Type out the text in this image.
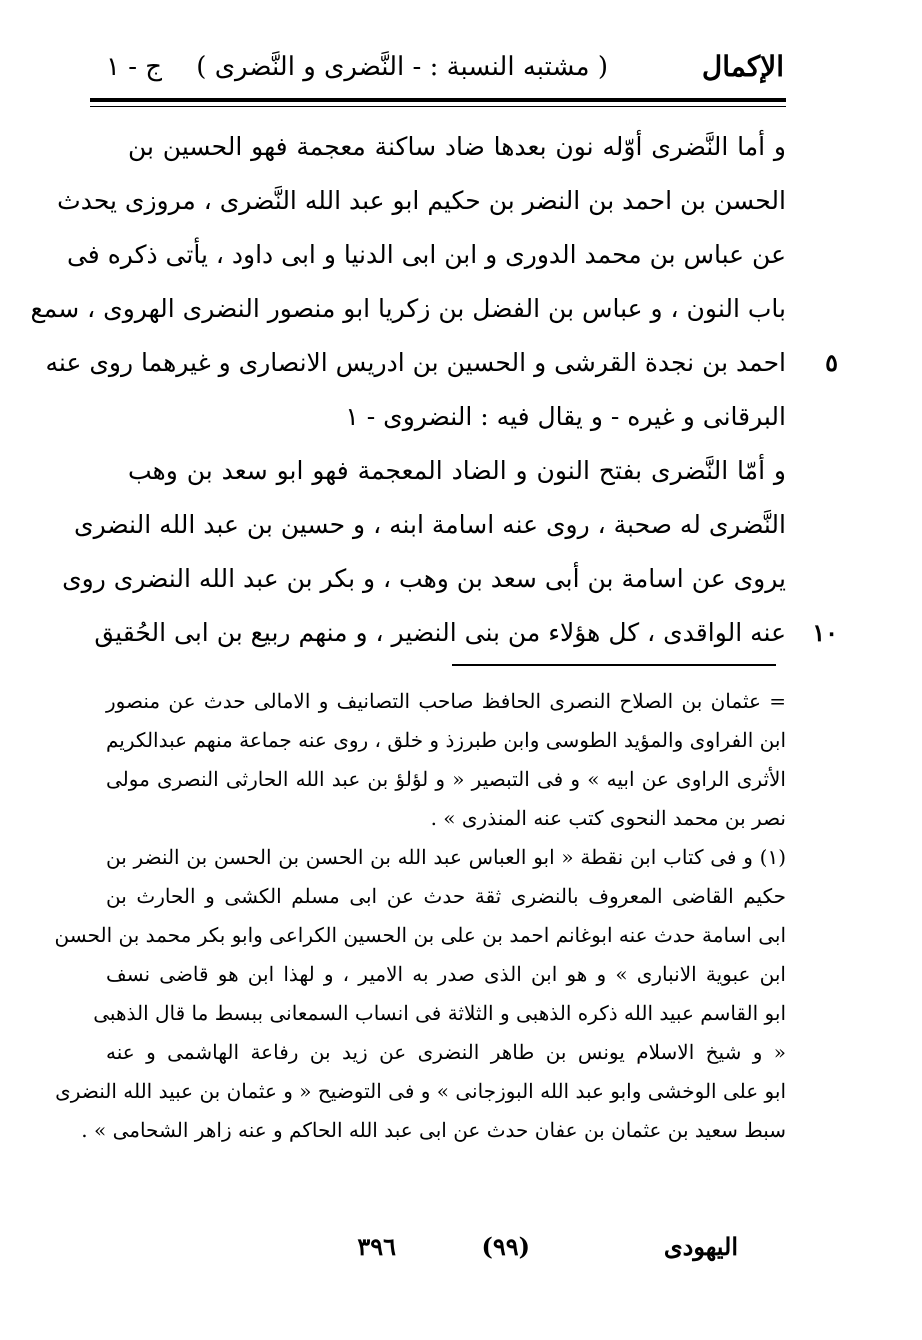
الإكمال
( مشتبه النسبة : - النَّضرى و النَّضرى )
ج - ١
و أما النَّضرى أوّله نون بعدها ضاد ساكنة معجمة فهو الحسين بن
الحسن بن احمد بن النضر بن حكيم ابو عبد الله النَّضرى ، مروزى يحدث
عن عباس بن محمد الدورى و ابن ابى الدنيا و ابى داود ، يأتى ذكره فى
باب النون ، و عباس بن الفضل بن زكريا ابو منصور النضرى الهروى ، سمع
احمد بن نجدة القرشى و الحسين بن ادريس الانصارى و غيرهما روى عنه ٥
البرقانى و غيره - و يقال فيه : النضروى - ١
و أمّا النَّضرى بفتح النون و الضاد المعجمة فهو ابو سعد بن وهب
النَّضرى له صحبة ، روى عنه اسامة ابنه ، و حسين بن عبد الله النضرى
يروى عن اسامة بن أبى سعد بن وهب ، و بكر بن عبد الله النضرى روى
عنه الواقدى ، كل هؤلاء من بنى النضير ، و منهم ربيع بن ابى الحُقيق ١٠
= عثمان بن الصلاح النصرى الحافظ صاحب التصانيف و الامالى حدث عن منصور
ابن الفراوى والمؤيد الطوسى وابن طبرزذ و خلق ، روى عنه جماعة منهم عبدالكريم
الأثرى الراوى عن ابيه » و فى التبصير « و لؤلؤ بن عبد الله الحارثى النصرى مولى
نصر بن محمد النحوى كتب عنه المنذرى » .
(١) و فى كتاب ابن نقطة « ابو العباس عبد الله بن الحسن بن الحسن بن النضر بن
حكيم القاضى المعروف بالنضرى ثقة حدث عن ابى مسلم الكشى و الحارث بن
ابى اسامة حدث عنه ابوغانم احمد بن على بن الحسين الكراعى وابو بكر محمد بن الحسن
ابن عبوية الانبارى » و هو ابن الذى صدر به الامير ، و لهذا ابن هو قاضى نسف
ابو القاسم عبيد الله ذكره الذهبى و الثلاثة فى انساب السمعانى ببسط ما قال الذهبى
« و شيخ الاسلام يونس بن طاهر النضرى عن زيد بن رفاعة الهاشمى و عنه
ابو على الوخشى وابو عبد الله البوزجانى » و فى التوضيح « و عثمان بن عبيد الله النضرى
سبط سعيد بن عثمان بن عفان حدث عن ابى عبد الله الحاكم و عنه زاهر الشحامى » .
اليهودى
(٩٩)
٣٩٦
